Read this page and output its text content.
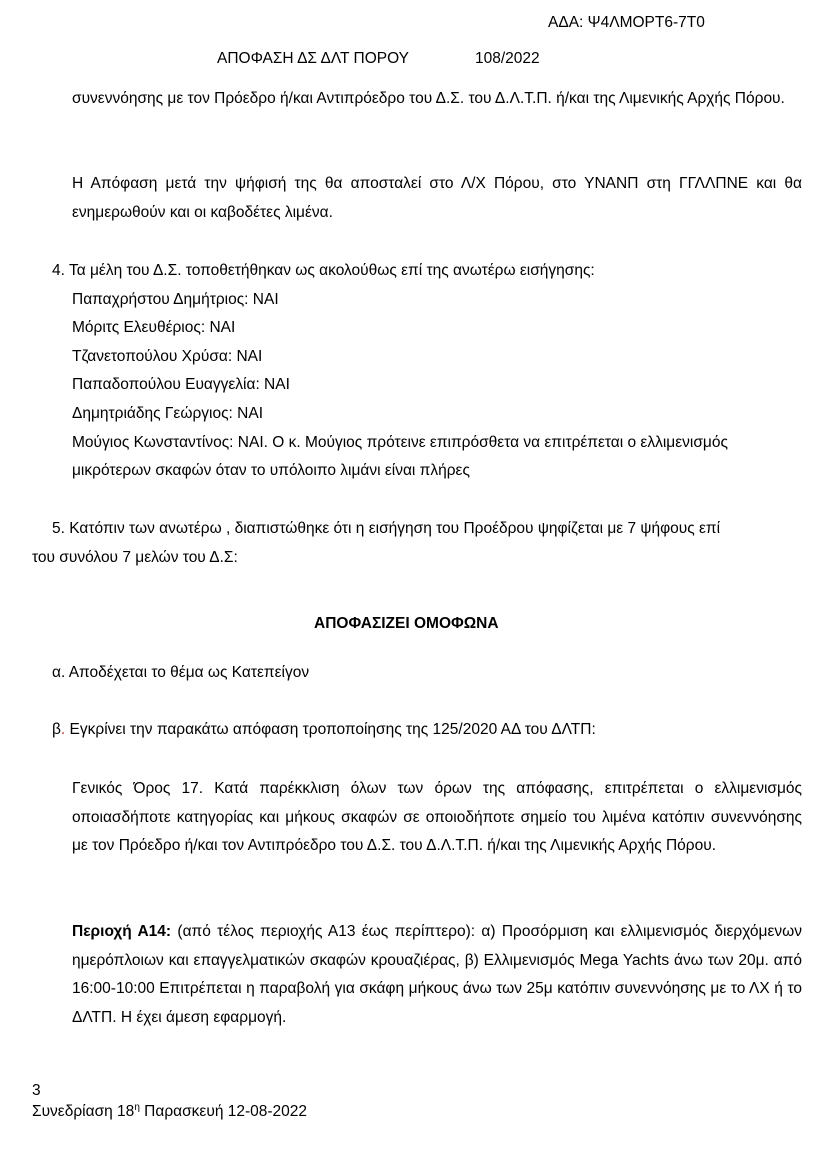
ΑΔΑ: Ψ4ΛΜΟΡΤ6-7Τ0
ΑΠΟΦΑΣΗ ΔΣ ΔΛΤ ΠΟΡΟΥ	108/2022
συνεννόησης με τον Πρόεδρο ή/και Αντιπρόεδρο του Δ.Σ. του Δ.Λ.Τ.Π. ή/και της Λιμενικής Αρχής Πόρου.
Η Απόφαση μετά την ψήφισή της θα αποσταλεί στο Λ/Χ Πόρου, στο ΥΝΑΝΠ στη ΓΓΛΛΠΝΕ και θα ενημερωθούν και οι καβοδέτες λιμένα.
4. Τα μέλη του Δ.Σ. τοποθετήθηκαν ως ακολούθως επί της ανωτέρω εισήγησης:
Παπαχρήστου Δημήτριος: ΝΑΙ
Μόριτς Ελευθέριος: ΝΑΙ
Τζανετοπούλου Χρύσα: ΝΑΙ
Παπαδοπούλου Ευαγγελία: ΝΑΙ
Δημητριάδης Γεώργιος: ΝΑΙ
Μούγιος Κωνσταντίνος: ΝΑΙ. Ο κ. Μούγιος πρότεινε επιπρόσθετα να επιτρέπεται ο ελλιμενισμός
μικρότερων σκαφών όταν το υπόλοιπο λιμάνι είναι πλήρες
5. Κατόπιν των ανωτέρω , διαπιστώθηκε ότι η εισήγηση του Προέδρου ψηφίζεται με 7 ψήφους επί
του συνόλου 7 μελών του Δ.Σ:
ΑΠΟΦΑΣΙΖΕΙ ΟΜΟΦΩΝΑ
α. Αποδέχεται το θέμα ως Κατεπείγον
β. Εγκρίνει την παρακάτω απόφαση τροποποίησης της 125/2020 ΑΔ του ΔΛΤΠ:
Γενικός Όρος 17. Κατά παρέκκλιση όλων των όρων της απόφασης, επιτρέπεται ο ελλιμενισμός οποιασδήποτε κατηγορίας και μήκους σκαφών σε οποιοδήποτε σημείο του λιμένα κατόπιν συνεννόησης με τον Πρόεδρο ή/και τον Αντιπρόεδρο του Δ.Σ. του Δ.Λ.Τ.Π. ή/και της Λιμενικής Αρχής Πόρου.
Περιοχή Α14: (από τέλος περιοχής Α13 έως περίπτερο): α) Προσόρμιση και ελλιμενισμός διερχόμενων ημερόπλοιων και επαγγελματικών σκαφών κρουαζιέρας, β) Ελλιμενισμός Mega Yachts άνω των 20μ. από 16:00-10:00 Επιτρέπεται η παραβολή για σκάφη μήκους άνω των 25μ κατόπιν συνεννόησης με το ΛΧ ή το ΔΛΤΠ. Η έχει άμεση εφαρμογή.
3
Συνεδρίαση $18^\eta$ Παρασκευή 12-08-2022
